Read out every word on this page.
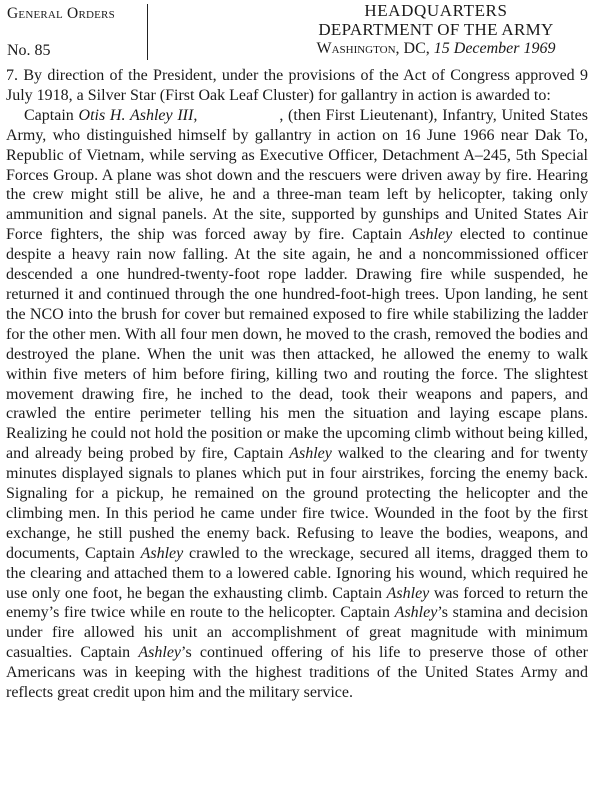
General Orders
No. 85
HEADQUARTERS
DEPARTMENT OF THE ARMY
Washington, DC, 15 December 1969

7. By direction of the President, under the provisions of the Act of Congress approved 9 July 1918, a Silver Star (First Oak Leaf Cluster) for gallantry in action is awarded to:

Captain Otis H. Ashley III,	, (then First Lieutenant), Infantry, United States Army, who distinguished himself by gallantry in action on 16 June 1966 near Dak To, Republic of Vietnam, while serving as Executive Officer, Detachment A–245, 5th Special Forces Group. A plane was shot down and the rescuers were driven away by fire. Hearing the crew might still be alive, he and a three-man team left by helicopter, taking only ammunition and signal panels. At the site, supported by gunships and United States Air Force fighters, the ship was forced away by fire. Captain Ashley elected to continue despite a heavy rain now falling. At the site again, he and a noncommissioned officer descended a one hundred-twenty-foot rope ladder. Drawing fire while suspended, he returned it and continued through the one hundred-foot-high trees. Upon landing, he sent the NCO into the brush for cover but remained exposed to fire while stabilizing the ladder for the other men. With all four men down, he moved to the crash, removed the bodies and destroyed the plane. When the unit was then attacked, he allowed the enemy to walk within five meters of him before firing, killing two and routing the force. The slightest movement drawing fire, he inched to the dead, took their weapons and papers, and crawled the entire perimeter telling his men the situation and laying escape plans. Realizing he could not hold the position or make the upcoming climb without being killed, and already being probed by fire, Captain Ashley walked to the clearing and for twenty minutes displayed signals to planes which put in four airstrikes, forcing the enemy back. Signaling for a pickup, he remained on the ground protecting the helicopter and the climbing men. In this period he came under fire twice. Wounded in the foot by the first exchange, he still pushed the enemy back. Refusing to leave the bodies, weapons, and documents, Captain Ashley crawled to the wreckage, secured all items, dragged them to the clearing and attached them to a lowered cable. Ignoring his wound, which required he use only one foot, he began the exhausting climb. Captain Ashley was forced to return the enemy’s fire twice while en route to the helicopter. Captain Ashley’s stamina and decision under fire allowed his unit an accomplishment of great magnitude with minimum casualties. Captain Ashley’s continued offering of his life to preserve those of other Americans was in keeping with the highest traditions of the United States Army and reflects great credit upon him and the military service.
